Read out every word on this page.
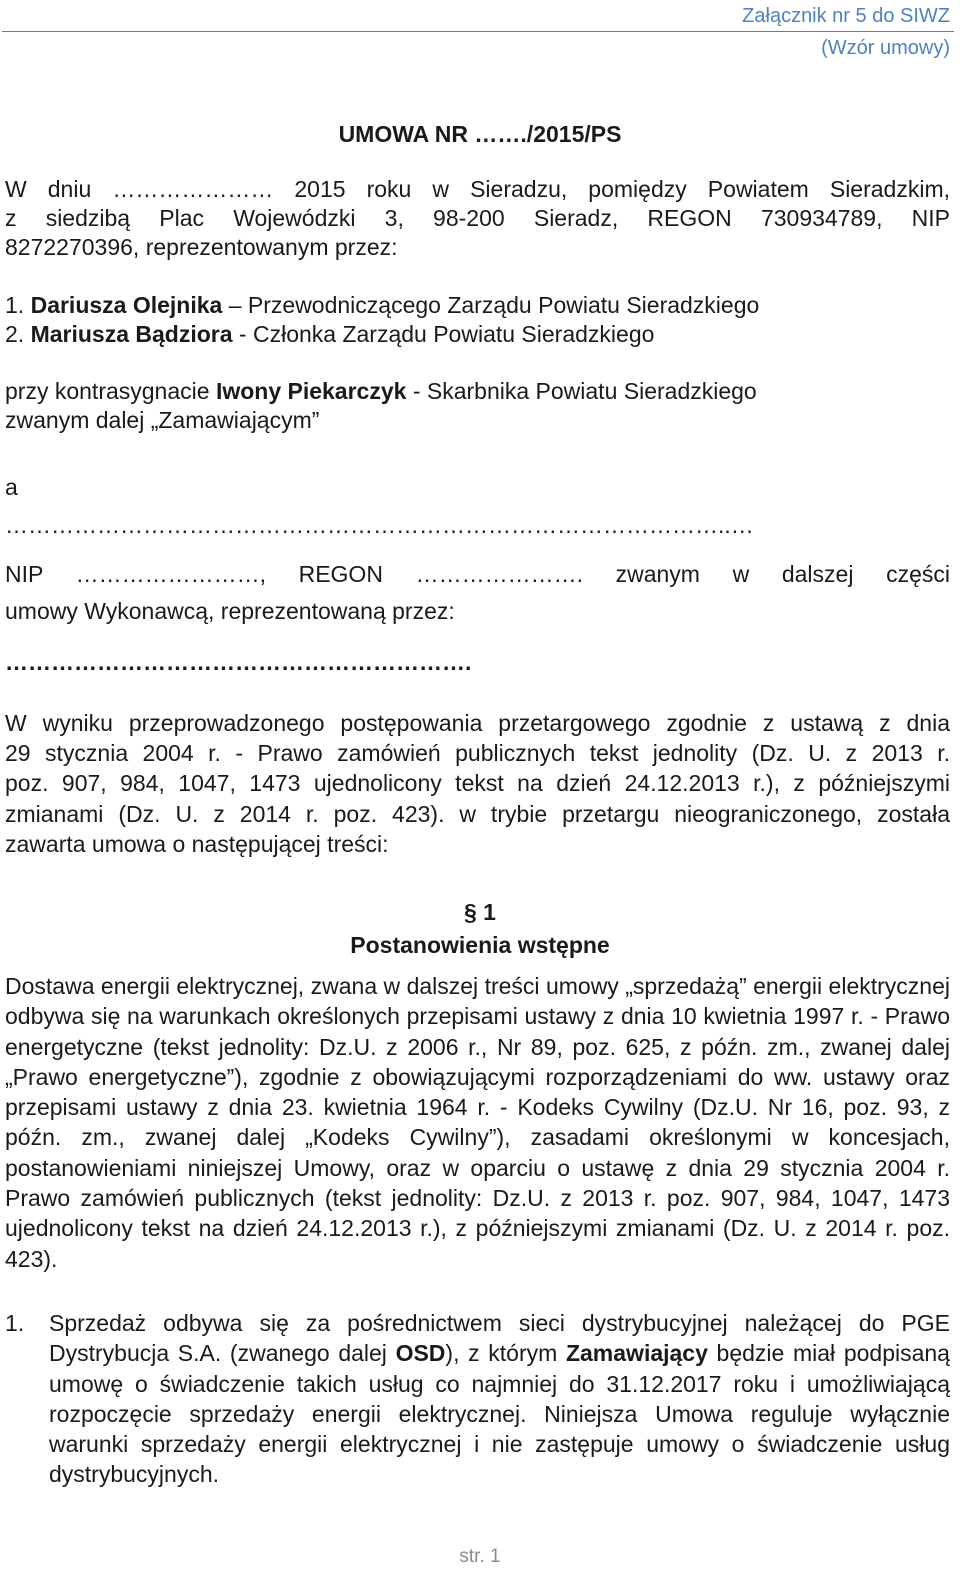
Załącznik nr 5 do SIWZ
(Wzór umowy)
UMOWA NR ……./2015/PS
W dniu ………………… 2015 roku w Sieradzu, pomiędzy Powiatem Sieradzkim,
z siedzibą Plac Wojewódzki 3, 98-200 Sieradz, REGON 730934789, NIP
8272270396, reprezentowanym przez:
1. Dariusza Olejnika – Przewodniczącego Zarządu Powiatu Sieradzkiego
2. Mariusza Bądziora - Członka Zarządu Powiatu Sieradzkiego
przy kontrasygnacie Iwony Piekarczyk - Skarbnika Powiatu Sieradzkiego
zwanym dalej „Zamawiającym”
a
…………………………………………………………………………………..…
NIP ……………………, REGON …………………. zwanym w dalszej części
umowy Wykonawcą, reprezentowaną przez:
…………………………………………………….
W wyniku przeprowadzonego postępowania przetargowego zgodnie z ustawą z dnia
29 stycznia 2004 r. - Prawo zamówień publicznych tekst jednolity (Dz. U. z 2013 r.
poz. 907, 984, 1047, 1473 ujednolicony tekst na dzień 24.12.2013 r.), z późniejszymi
zmianami (Dz. U. z 2014 r. poz. 423). w trybie przetargu nieograniczonego, została
zawarta umowa o następującej treści:
§ 1
Postanowienia wstępne
Dostawa energii elektrycznej, zwana w dalszej treści umowy „sprzedażą” energii elektrycznej odbywa się na warunkach określonych przepisami ustawy z dnia 10 kwietnia 1997 r. - Prawo energetyczne (tekst jednolity: Dz.U. z 2006 r., Nr 89, poz. 625, z późn. zm., zwanej dalej „Prawo energetyczne”), zgodnie z obowiązującymi rozporządzeniami do ww. ustawy oraz przepisami ustawy z dnia 23. kwietnia 1964 r. - Kodeks Cywilny (Dz.U. Nr 16, poz. 93, z późn. zm., zwanej dalej „Kodeks Cywilny”), zasadami określonymi w koncesjach, postanowieniami niniejszej Umowy, oraz w oparciu o ustawę z dnia 29 stycznia 2004 r. Prawo zamówień publicznych (tekst jednolity: Dz.U. z 2013 r. poz. 907, 984, 1047, 1473 ujednolicony tekst na dzień 24.12.2013 r.), z późniejszymi zmianami (Dz. U. z 2014 r. poz. 423).
1. Sprzedaż odbywa się za pośrednictwem sieci dystrybucyjnej należącej do PGE Dystrybucja S.A. (zwanego dalej OSD), z którym Zamawiający będzie miał podpisaną umowę o świadczenie takich usług co najmniej do 31.12.2017 roku i umożliwiającą rozpoczęcie sprzedaży energii elektrycznej. Niniejsza Umowa reguluje wyłącznie warunki sprzedaży energii elektrycznej i nie zastępuje umowy o świadczenie usług dystrybucyjnych.
str. 1
